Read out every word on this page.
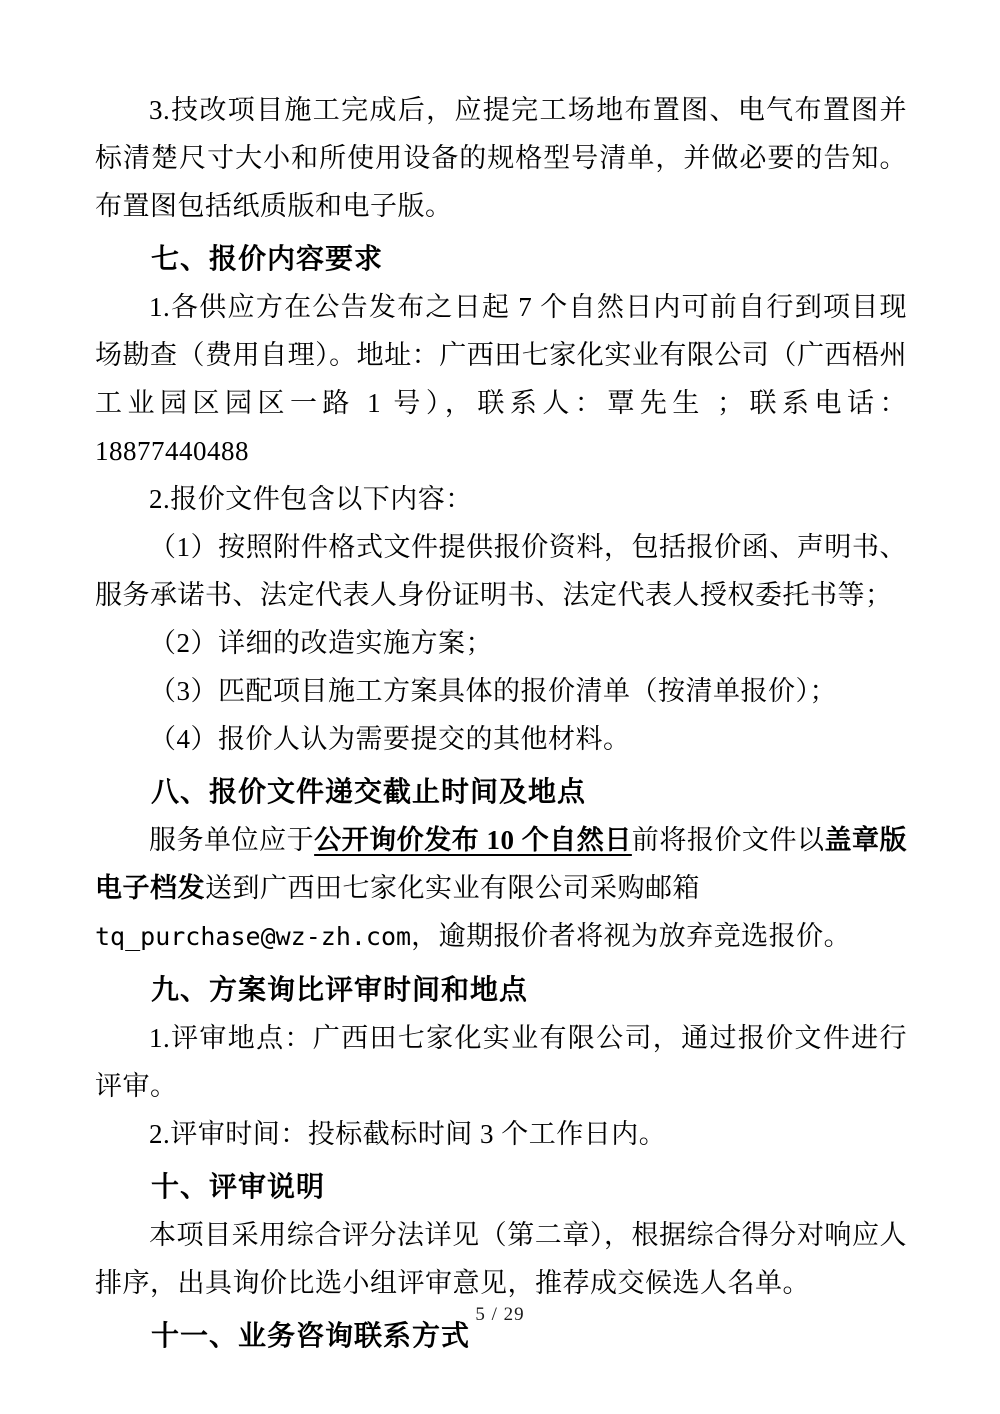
3.技改项目施工完成后，应提完工场地布置图、电气布置图并标清楚尺寸大小和所使用设备的规格型号清单，并做必要的告知。布置图包括纸质版和电子版。

七、报价内容要求

1.各供应方在公告发布之日起 7 个自然日内可前自行到项目现场勘查（费用自理）。地址：广西田七家化实业有限公司（广西梧州工业园区园区一路 1 号），联系人：覃先生 ；联系电话：18877440488

2.报价文件包含以下内容：

（1）按照附件格式文件提供报价资料，包括报价函、声明书、服务承诺书、法定代表人身份证明书、法定代表人授权委托书等；

（2）详细的改造实施方案；

（3）匹配项目施工方案具体的报价清单（按清单报价）；

（4）报价人认为需要提交的其他材料。

八、报价文件递交截止时间及地点

服务单位应于公开询价发布 10 个自然日前将报价文件以盖章版电子档发送到广西田七家化实业有限公司采购邮箱
tq_purchase@wz-zh.com，逾期报价者将视为放弃竞选报价。

九、方案询比评审时间和地点

1.评审地点：广西田七家化实业有限公司，通过报价文件进行评审。

2.评审时间：投标截标时间 3 个工作日内。

十、评审说明

本项目采用综合评分法详见（第二章），根据综合得分对响应人排序，出具询价比选小组评审意见，推荐成交候选人名单。

十一、业务咨询联系方式

5 / 29
